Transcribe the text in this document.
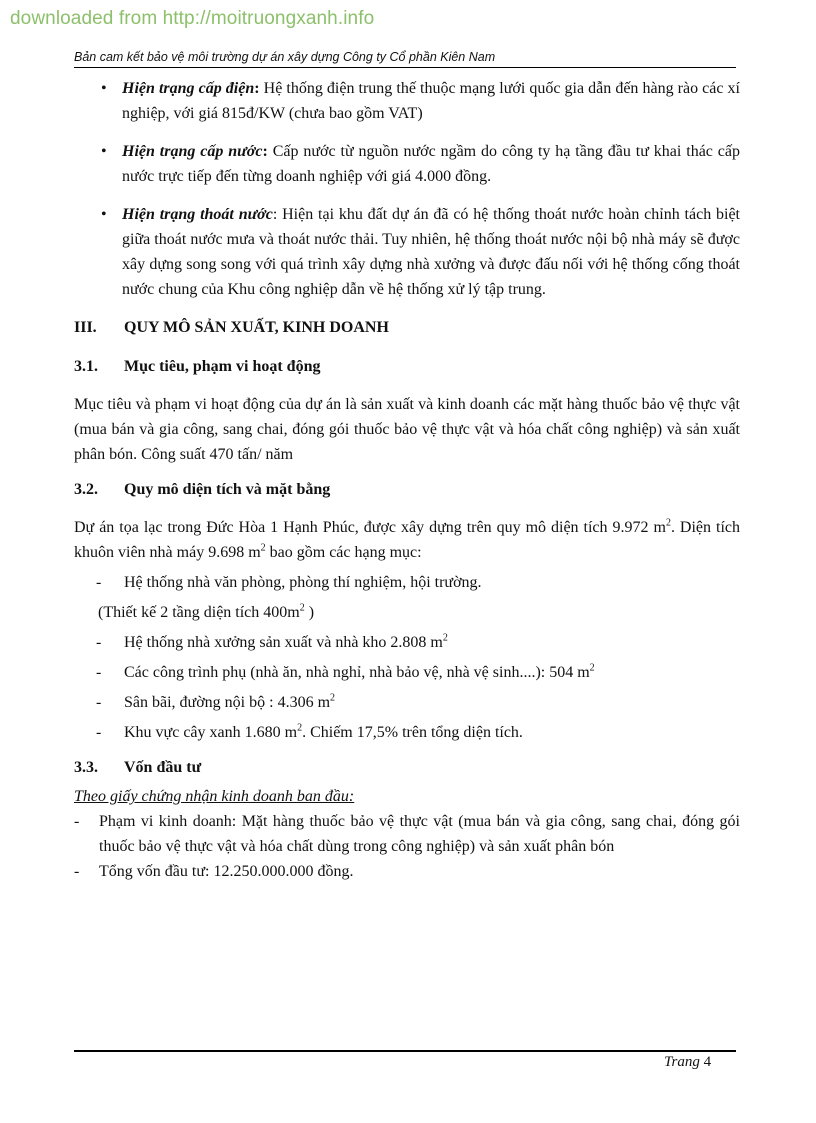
downloaded from http://moitruongxanh.info
Bản cam kết bảo vệ môi trường dự án xây dựng Công ty Cổ phần Kiên Nam
• Hiện trạng cấp điện: Hệ thống điện trung thế thuộc mạng lưới quốc gia dẫn đến hàng rào các xí nghiệp, với giá 815đ/KW (chưa bao gồm VAT)
• Hiện trạng cấp nước: Cấp nước từ nguồn nước ngầm do công ty hạ tầng đầu tư khai thác cấp nước trực tiếp đến từng doanh nghiệp với giá 4.000 đồng.
• Hiện trạng thoát nước: Hiện tại khu đất dự án đã có hệ thống thoát nước hoàn chỉnh tách biệt giữa thoát nước mưa và thoát nước thải. Tuy nhiên, hệ thống thoát nước nội bộ nhà máy sẽ được xây dựng song song với quá trình xây dựng nhà xưởng và được đấu nối với hệ thống cống thoát nước chung của Khu công nghiệp dẫn về hệ thống xử lý tập trung.
III. QUY MÔ SẢN XUẤT, KINH DOANH
3.1. Mục tiêu, phạm vi hoạt động
Mục tiêu và phạm vi hoạt động của dự án là sản xuất và kinh doanh các mặt hàng thuốc bảo vệ thực vật (mua bán và gia công, sang chai, đóng gói thuốc bảo vệ thực vật và hóa chất công nghiệp) và sản xuất phân bón. Công suất 470 tấn/ năm
3.2. Quy mô diện tích và mặt bằng
Dự án tọa lạc trong Đức Hòa 1 Hạnh Phúc, được xây dựng trên quy mô diện tích 9.972 $m^2$. Diện tích khuôn viên nhà máy 9.698 $m^2$ bao gồm các hạng mục:
- Hệ thống nhà văn phòng, phòng thí nghiệm, hội trường.
(Thiết kế 2 tầng diện tích $400m^2$ )
- Hệ thống nhà xưởng sản xuất và nhà kho 2.808 $m^2$
- Các công trình phụ (nhà ăn, nhà nghỉ, nhà bảo vệ, nhà vệ sinh....): 504 $m^2$
- Sân bãi, đường nội bộ : 4.306 $m^2$
- Khu vực cây xanh 1.680 $m^2$. Chiếm 17,5% trên tổng diện tích.
3.3. Vốn đầu tư
Theo giấy chứng nhận kinh doanh ban đầu:
- Phạm vi kinh doanh: Mặt hàng thuốc bảo vệ thực vật (mua bán và gia công, sang chai, đóng gói thuốc bảo vệ thực vật và hóa chất dùng trong công nghiệp) và sản xuất phân bón
- Tổng vốn đầu tư: 12.250.000.000 đồng.
Trang 4
